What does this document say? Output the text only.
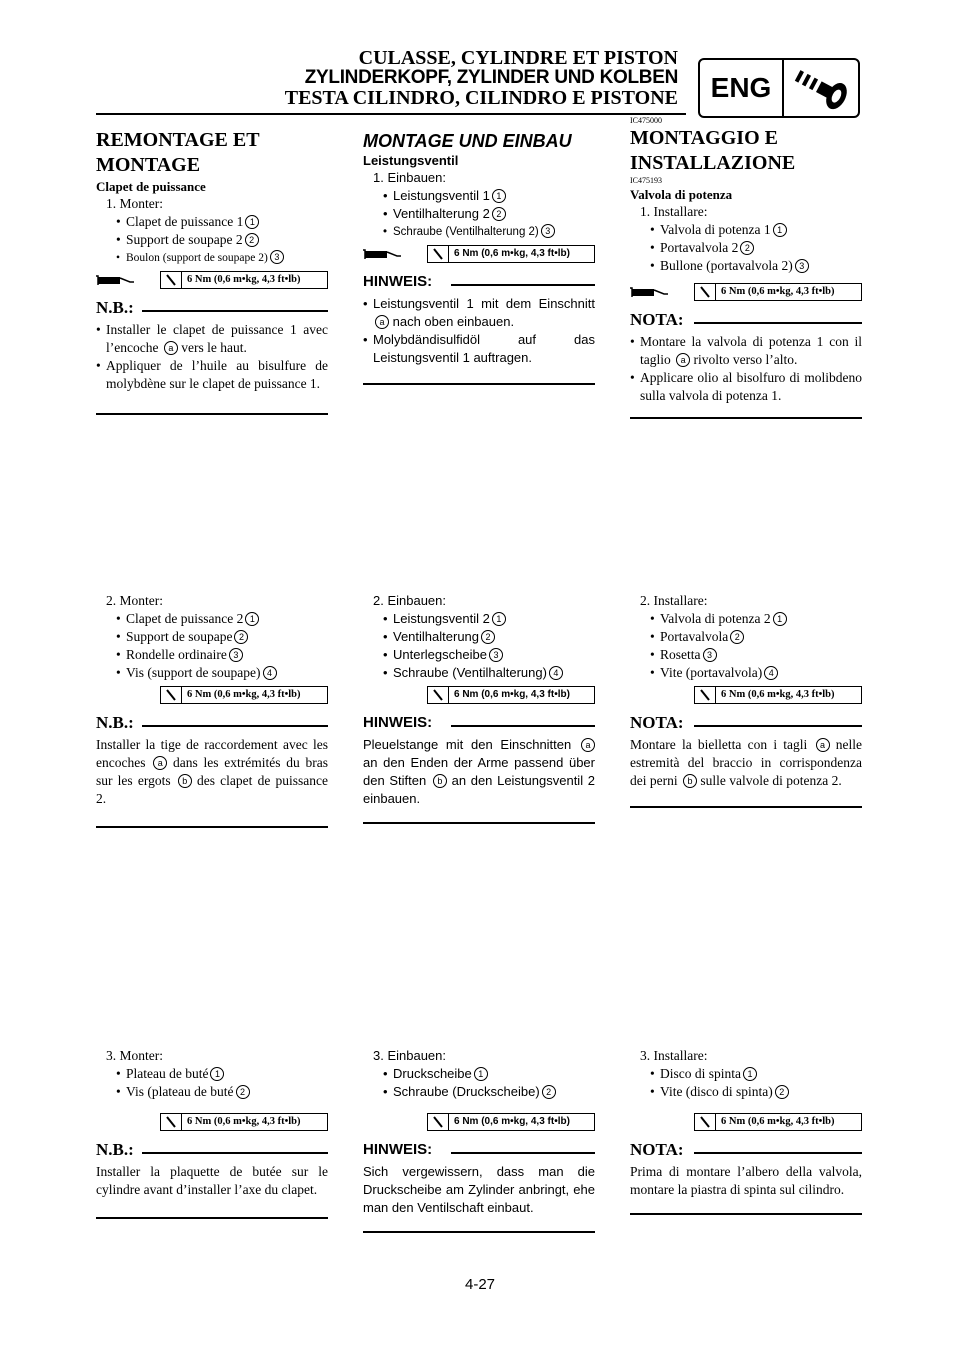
CULASSE, CYLINDRE ET PISTON
ZYLINDERKOPF, ZYLINDER UND KOLBEN
TESTA CILINDRO, CILINDRO E PISTONE	ENG
REMONTAGE ET MONTAGE
Clapet de puissance
1. Monter:
• Clapet de puissance 1 1
• Support de soupape 2 2
• Boulon (support de soupape 2) 3
6 Nm (0,6 m•kg, 4,3 ft•lb)
N.B.:
• Installer le clapet de puissance 1 avec l’encoche a vers le haut.
• Appliquer de l’huile au bisulfure de molybdène sur le clapet de puissance 1.
2. Monter:
• Clapet de puissance 2 1
• Support de soupape 2
• Rondelle ordinaire 3
• Vis (support de soupape) 4
6 Nm (0,6 m•kg, 4,3 ft•lb)
N.B.:
Installer la tige de raccordement avec les encoches a dans les extrémités du bras sur les ergots b des clapet de puissance 2.
3. Monter:
• Plateau de buté 1
• Vis (plateau de buté 2
6 Nm (0,6 m•kg, 4,3 ft•lb)
N.B.:
Installer la plaquette de butée sur le cylindre avant d’installer l’axe du clapet.
MONTAGE UND EINBAU
Leistungsventil
1. Einbauen:
• Leistungsventil 1 1
• Ventilhalterung 2 2
• Schraube (Ventilhalterung 2) 3
6 Nm (0,6 m•kg, 4,3 ft•lb)
HINWEIS:
• Leistungsventil 1 mit dem Einschnitt a nach oben einbauen.
• Molybdändisulfidöl auf das Leistungsventil 1 auftragen.
2. Einbauen:
• Leistungsventil 2 1
• Ventilhalterung 2
• Unterlegscheibe 3
• Schraube (Ventilhalterung) 4
6 Nm (0,6 m•kg, 4,3 ft•lb)
HINWEIS:
Pleuelstange mit den Einschnitten a an den Enden der Arme passend über den Stiften b an den Leistungsventil 2 einbauen.
3. Einbauen:
• Druckscheibe 1
• Schraube (Druckscheibe) 2
6 Nm (0,6 m•kg, 4,3 ft•lb)
HINWEIS:
Sich vergewissern, dass man die Druckscheibe am Zylinder anbringt, ehe man den Ventilschaft einbaut.
IC475000
MONTAGGIO E INSTALLAZIONE
IC475193
Valvola di potenza
1. Installare:
• Valvola di potenza 1 1
• Portavalvola 2 2
• Bullone (portavalvola 2) 3
6 Nm (0,6 m•kg, 4,3 ft•lb)
NOTA:
• Montare la valvola di potenza 1 con il taglio a rivolto verso l’alto.
• Applicare olio al bisolfuro di molibdeno sulla valvola di potenza 1.
2. Installare:
• Valvola di potenza 2 1
• Portavalvola 2
• Rosetta 3
• Vite (portavalvola) 4
6 Nm (0,6 m•kg, 4,3 ft•lb)
NOTA:
Montare la bielletta con i tagli a nelle estremità del braccio in corrispondenza dei perni b sulle valvole di potenza 2.
3. Installare:
• Disco di spinta 1
• Vite (disco di spinta) 2
6 Nm (0,6 m•kg, 4,3 ft•lb)
NOTA:
Prima di montare l’albero della valvola, montare la piastra di spinta sul cilindro.
4-27
